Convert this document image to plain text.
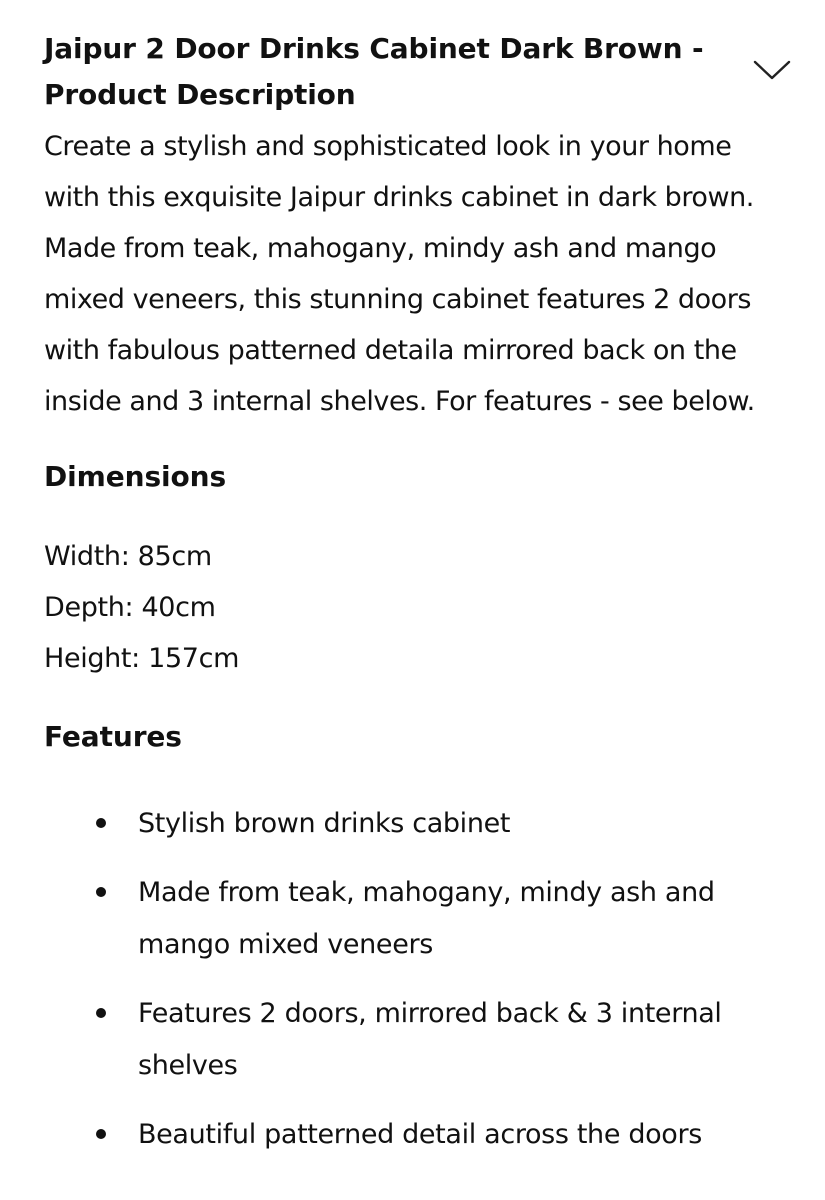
Jaipur 2 Door Drinks Cabinet Dark Brown -
Product Description

Create a stylish and sophisticated look in your home
with this exquisite Jaipur drinks cabinet in dark brown.
Made from teak, mahogany, mindy ash and mango
mixed veneers, this stunning cabinet features 2 doors
with fabulous patterned detaila mirrored back on the
inside and 3 internal shelves. For features - see below.

Dimensions
Width: 85cm
Depth: 40cm
Height: 157cm
Features
Stylish brown drinks cabinet
Made from teak, mahogany, mindy ash and
mango mixed veneers
Features 2 doors, mirrored back & 3 internal
shelves
Beautiful patterned detail across the doors
